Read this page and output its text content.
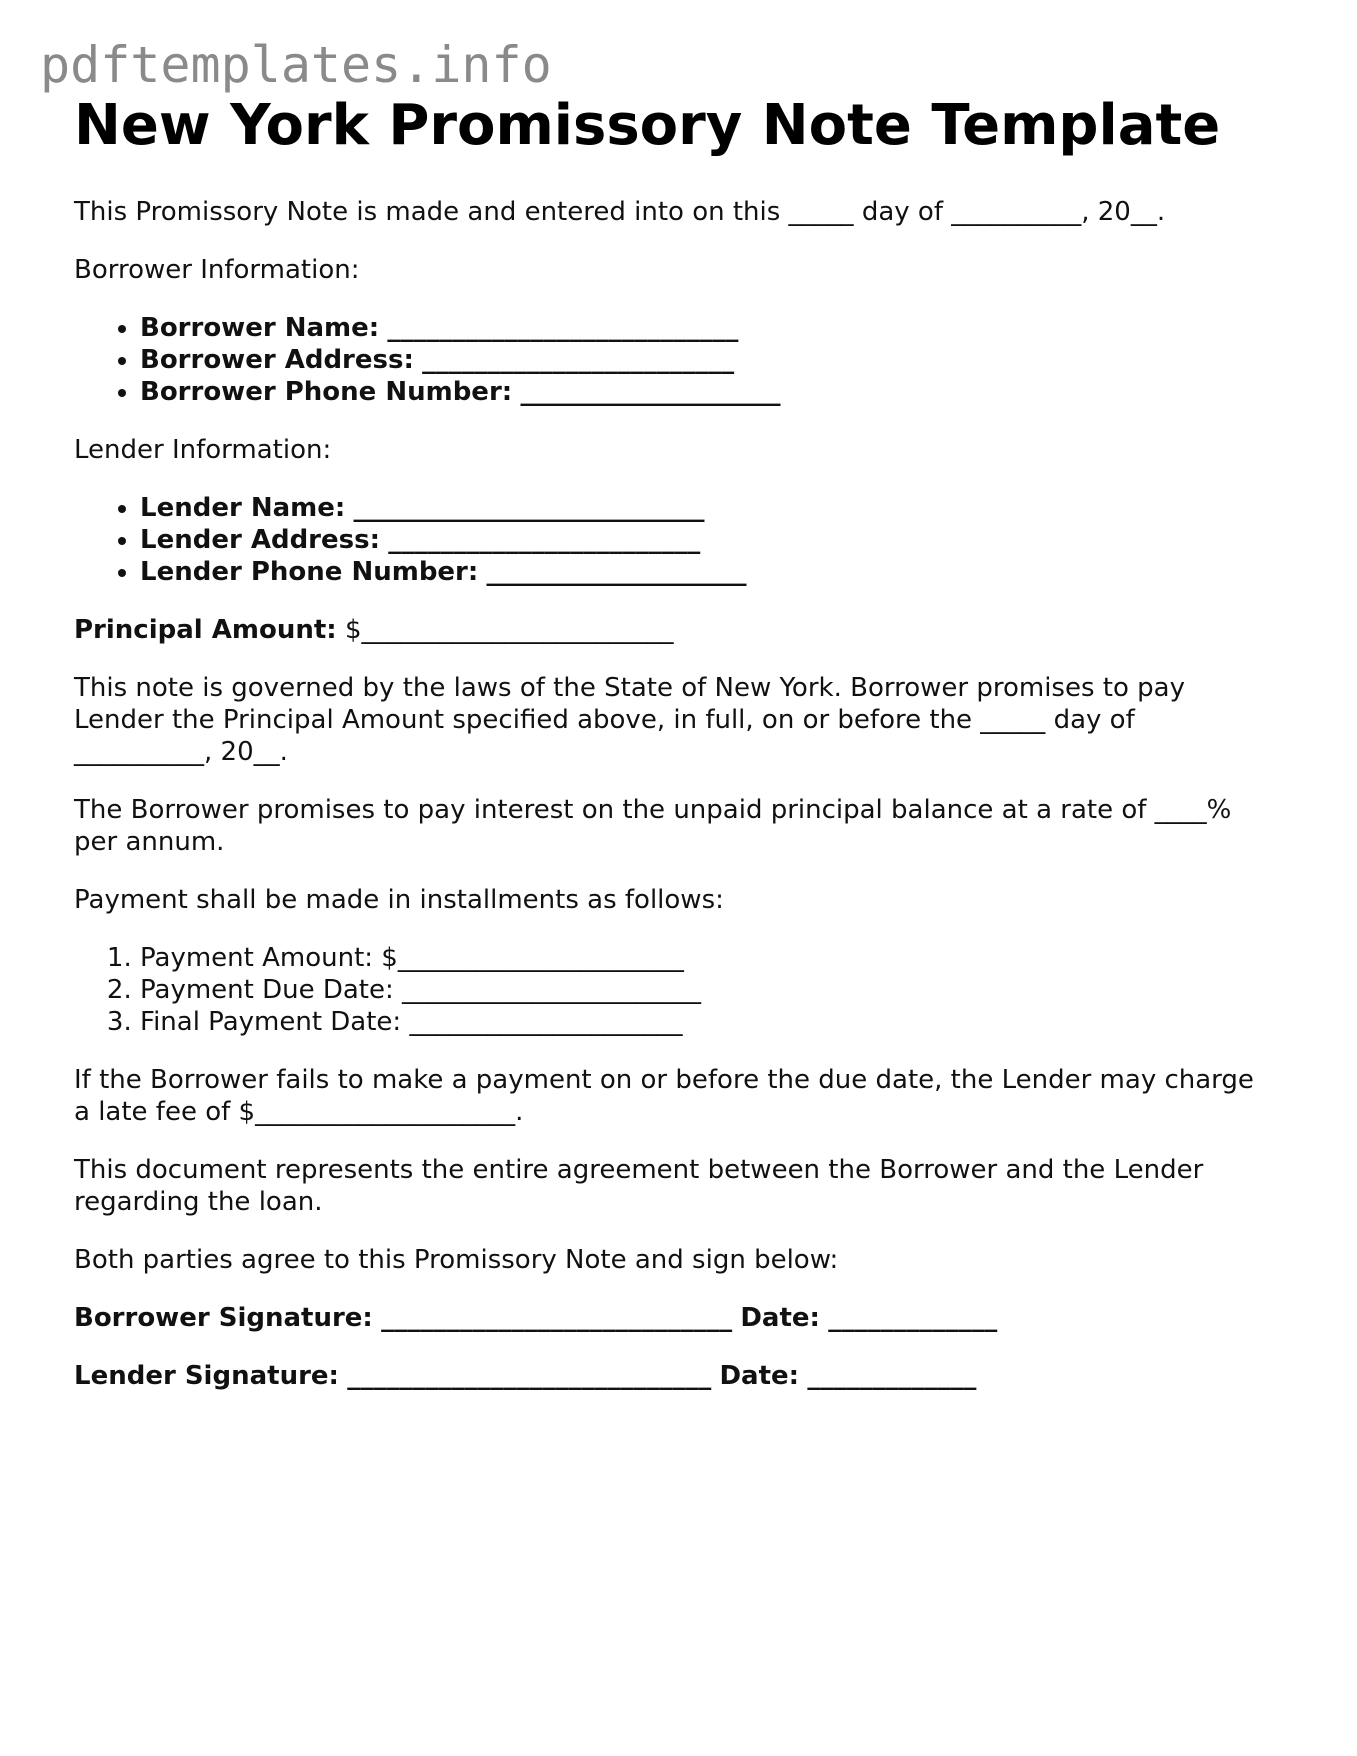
pdftemplates.info
New York Promissory Note Template

This Promissory Note is made and entered into on this _____ day of __________, 20__.

Borrower Information:

• Borrower Name: ___________________________
• Borrower Address: ________________________
• Borrower Phone Number: ____________________

Lender Information:

• Lender Name: ___________________________
• Lender Address: ________________________
• Lender Phone Number: ____________________

Principal Amount: $________________________

This note is governed by the laws of the State of New York. Borrower promises to pay Lender the Principal Amount specified above, in full, on or before the _____ day of __________, 20__.

The Borrower promises to pay interest on the unpaid principal balance at a rate of ____% per annum.

Payment shall be made in installments as follows:

1. Payment Amount: $______________________
2. Payment Due Date: _______________________
3. Final Payment Date: _____________________

If the Borrower fails to make a payment on or before the due date, the Lender may charge a late fee of $____________________.

This document represents the entire agreement between the Borrower and the Lender regarding the loan.

Both parties agree to this Promissory Note and sign below:

Borrower Signature: ___________________________ Date: _____________

Lender Signature: ____________________________ Date: _____________
